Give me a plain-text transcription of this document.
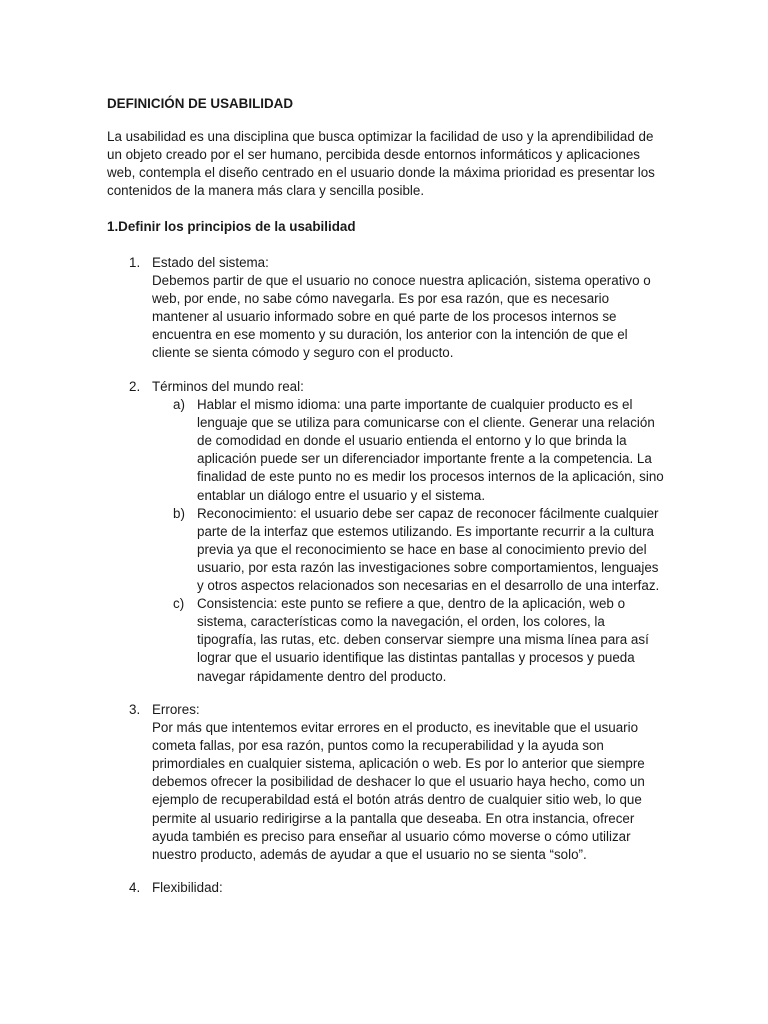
DEFINICIÓN DE USABILIDAD

La usabilidad es una disciplina que busca optimizar la facilidad de uso y la aprendibilidad de un objeto creado por el ser humano, percibida desde entornos informáticos y aplicaciones web, contempla el diseño centrado en el usuario donde la máxima prioridad es presentar los contenidos de la manera más clara y sencilla posible.

1.Definir los principios de la usabilidad
1. Estado del sistema:

Debemos partir de que el usuario no conoce nuestra aplicación, sistema operativo o web, por ende, no sabe cómo navegarla. Es por esa razón, que es necesario mantener al usuario informado sobre en qué parte de los procesos internos se encuentra en ese momento y su duración, los anterior con la intención de que el cliente se sienta cómodo y seguro con el producto.

2. Términos del mundo real:
a) Hablar el mismo idioma: una parte importante de cualquier producto es el lenguaje que se utiliza para comunicarse con el cliente. Generar una relación de comodidad en donde el usuario entienda el entorno y lo que brinda la aplicación puede ser un diferenciador importante frente a la competencia. La finalidad de este punto no es medir los procesos internos de la aplicación, sino entablar un diálogo entre el usuario y el sistema.

b) Reconocimiento: el usuario debe ser capaz de reconocer fácilmente cualquier parte de la interfaz que estemos utilizando. Es importante recurrir a la cultura previa ya que el reconocimiento se hace en base al conocimiento previo del usuario, por esta razón las investigaciones sobre comportamientos, lenguajes y otros aspectos relacionados son necesarias en el desarrollo de una interfaz.

c) Consistencia: este punto se refiere a que, dentro de la aplicación, web o sistema, características como la navegación, el orden, los colores, la tipografía, las rutas, etc. deben conservar siempre una misma línea para así lograr que el usuario identifique las distintas pantallas y procesos y pueda navegar rápidamente dentro del producto.

3. Errores:

Por más que intentemos evitar errores en el producto, es inevitable que el usuario cometa fallas, por esa razón, puntos como la recuperabilidad y la ayuda son primordiales en cualquier sistema, aplicación o web. Es por lo anterior que siempre debemos ofrecer la posibilidad de deshacer lo que el usuario haya hecho, como un ejemplo de recuperabildad está el botón atrás dentro de cualquier sitio web, lo que permite al usuario redirigirse a la pantalla que deseaba. En otra instancia, ofrecer ayuda también es preciso para enseñar al usuario cómo moverse o cómo utilizar nuestro producto, además de ayudar a que el usuario no se sienta “solo”.

4. Flexibilidad:
